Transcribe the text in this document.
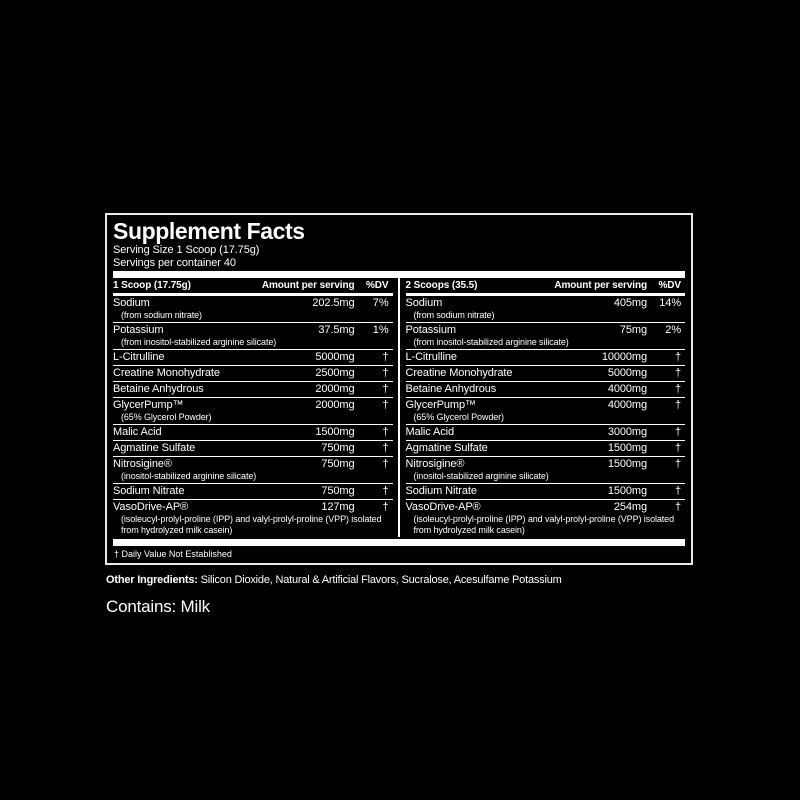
Supplement Facts
Serving Size 1 Scoop (17.75g)
Servings per container 40
1 Scoop (17.75g)	Amount per serving	%DV
Sodium	202.5mg	7%
(from sodium nitrate)
Potassium	37.5mg	1%
(from inositol-stabilized arginine silicate)
L-Citrulline	5000mg	†
Creatine Monohydrate	2500mg	†
Betaine Anhydrous	2000mg	†
GlycerPump™	2000mg	†
(65% Glycerol Powder)
Malic Acid	1500mg	†
Agmatine Sulfate	750mg	†
Nitrosigine®	750mg	†
(inositol-stabilized arginine silicate)
Sodium Nitrate	750mg	†
VasoDrive-AP®	127mg	†
(isoleucyl-prolyl-proline (IPP) and valyl-prolyl-proline (VPP) isolated from hydrolyzed milk casein)
2 Scoops (35.5)	Amount per serving	%DV
Sodium	405mg	14%
(from sodium nitrate)
Potassium	75mg	2%
(from inositol-stabilized arginine silicate)
L-Citrulline	10000mg	†
Creatine Monohydrate	5000mg	†
Betaine Anhydrous	4000mg	†
GlycerPump™	4000mg	†
(65% Glycerol Powder)
Malic Acid	3000mg	†
Agmatine Sulfate	1500mg	†
Nitrosigine®	1500mg	†
(inositol-stabilized arginine silicate)
Sodium Nitrate	1500mg	†
VasoDrive-AP®	254mg	†
(isoleucyl-prolyl-proline (IPP) and valyl-prolyl-proline (VPP) isolated from hydrolyzed milk casein)
† Daily Value Not Established

Other Ingredients: Silicon Dioxide, Natural & Artificial Flavors, Sucralose, Acesulfame Potassium

Contains: Milk
